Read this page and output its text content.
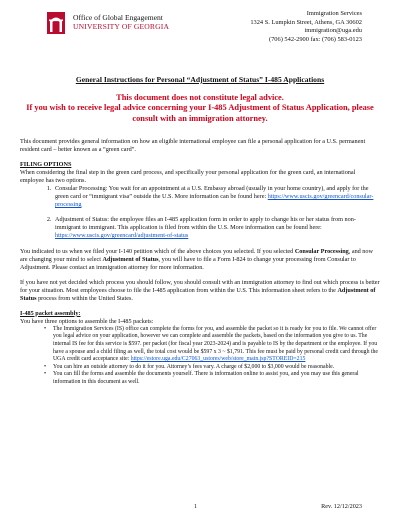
Office of Global Engagement
UNIVERSITY OF GEORGIA
Immigration Services
1324 S. Lumpkin Street, Athens, GA 30602
immigration@uga.edu
(706) 542-2900 fax: (706) 583-0123
General Instructions for Personal “Adjustment of Status” I-485 Applications
This document does not constitute legal advice.
If you wish to receive legal advice concerning your I-485 Adjustment of Status Application, please consult with an immigration attorney.

This document provides general information on how an eligible international employee can file a personal application for a U.S. permanent resident card – better known as a “green card”.

FILING OPTIONS

When considering the final step in the green card process, and specifically your personal application for the green card, an international employee has two options.

1. Consular Processing: You wait for an appointment at a U.S. Embassy abroad (usually in your home country), and apply for the green card or “immigrant visa” outside the U.S. More information can be found here: https://www.uscis.gov/greencard/consular-processing
2. Adjustment of Status: the employee files an I-485 application form in order to apply to change his or her status from non-immigrant to immigrant. This application is filed from within the U.S. More information can be found here: https://www.uscis.gov/greencard/adjustment-of-status

You indicated to us when we filed your I-140 petition which of the above choices you selected. If you selected Consular Processing, and now are changing your mind to select Adjustment of Status, you will have to file a Form I-824 to change your processing from Consular to Adjustment. Please contact an immigration attorney for more information.

If you have not yet decided which process you should follow, you should consult with an immigration attorney to find out which process is better for your situation. Most employees choose to file the I-485 application from within the U.S. This information sheet refers to the Adjustment of Status process from within the United States.

I-485 packet assembly:

You have three options to assemble the I-485 packets:

• The Immigration Services (IS) office can complete the forms for you, and assemble the packet so it is ready for you to file. We cannot offer you legal advice on your application, however we can complete and assemble the packets, based on the information you give to us. The internal IS fee for this service is $597. per packet (for fiscal year 2023-2024) and is payable to IS by the department or the employee. If you have a spouse and a child filing as well, the total cost would be $597 x 3 ~ $1,791. This fee must be paid by personal credit card through the UGA credit card acceptance site: https://estore.uga.edu/C27063_ustores/web/store_main.jsp?STOREID=215
• You can hire an outside attorney to do it for you. Attorney’s fees vary. A charge of $2,000 to $3,000 would be reasonable.
• You can fill the forms and assemble the documents yourself. There is information online to assist you, and you may use this general information in this document as well.
1	Rev. 12/12/2023
